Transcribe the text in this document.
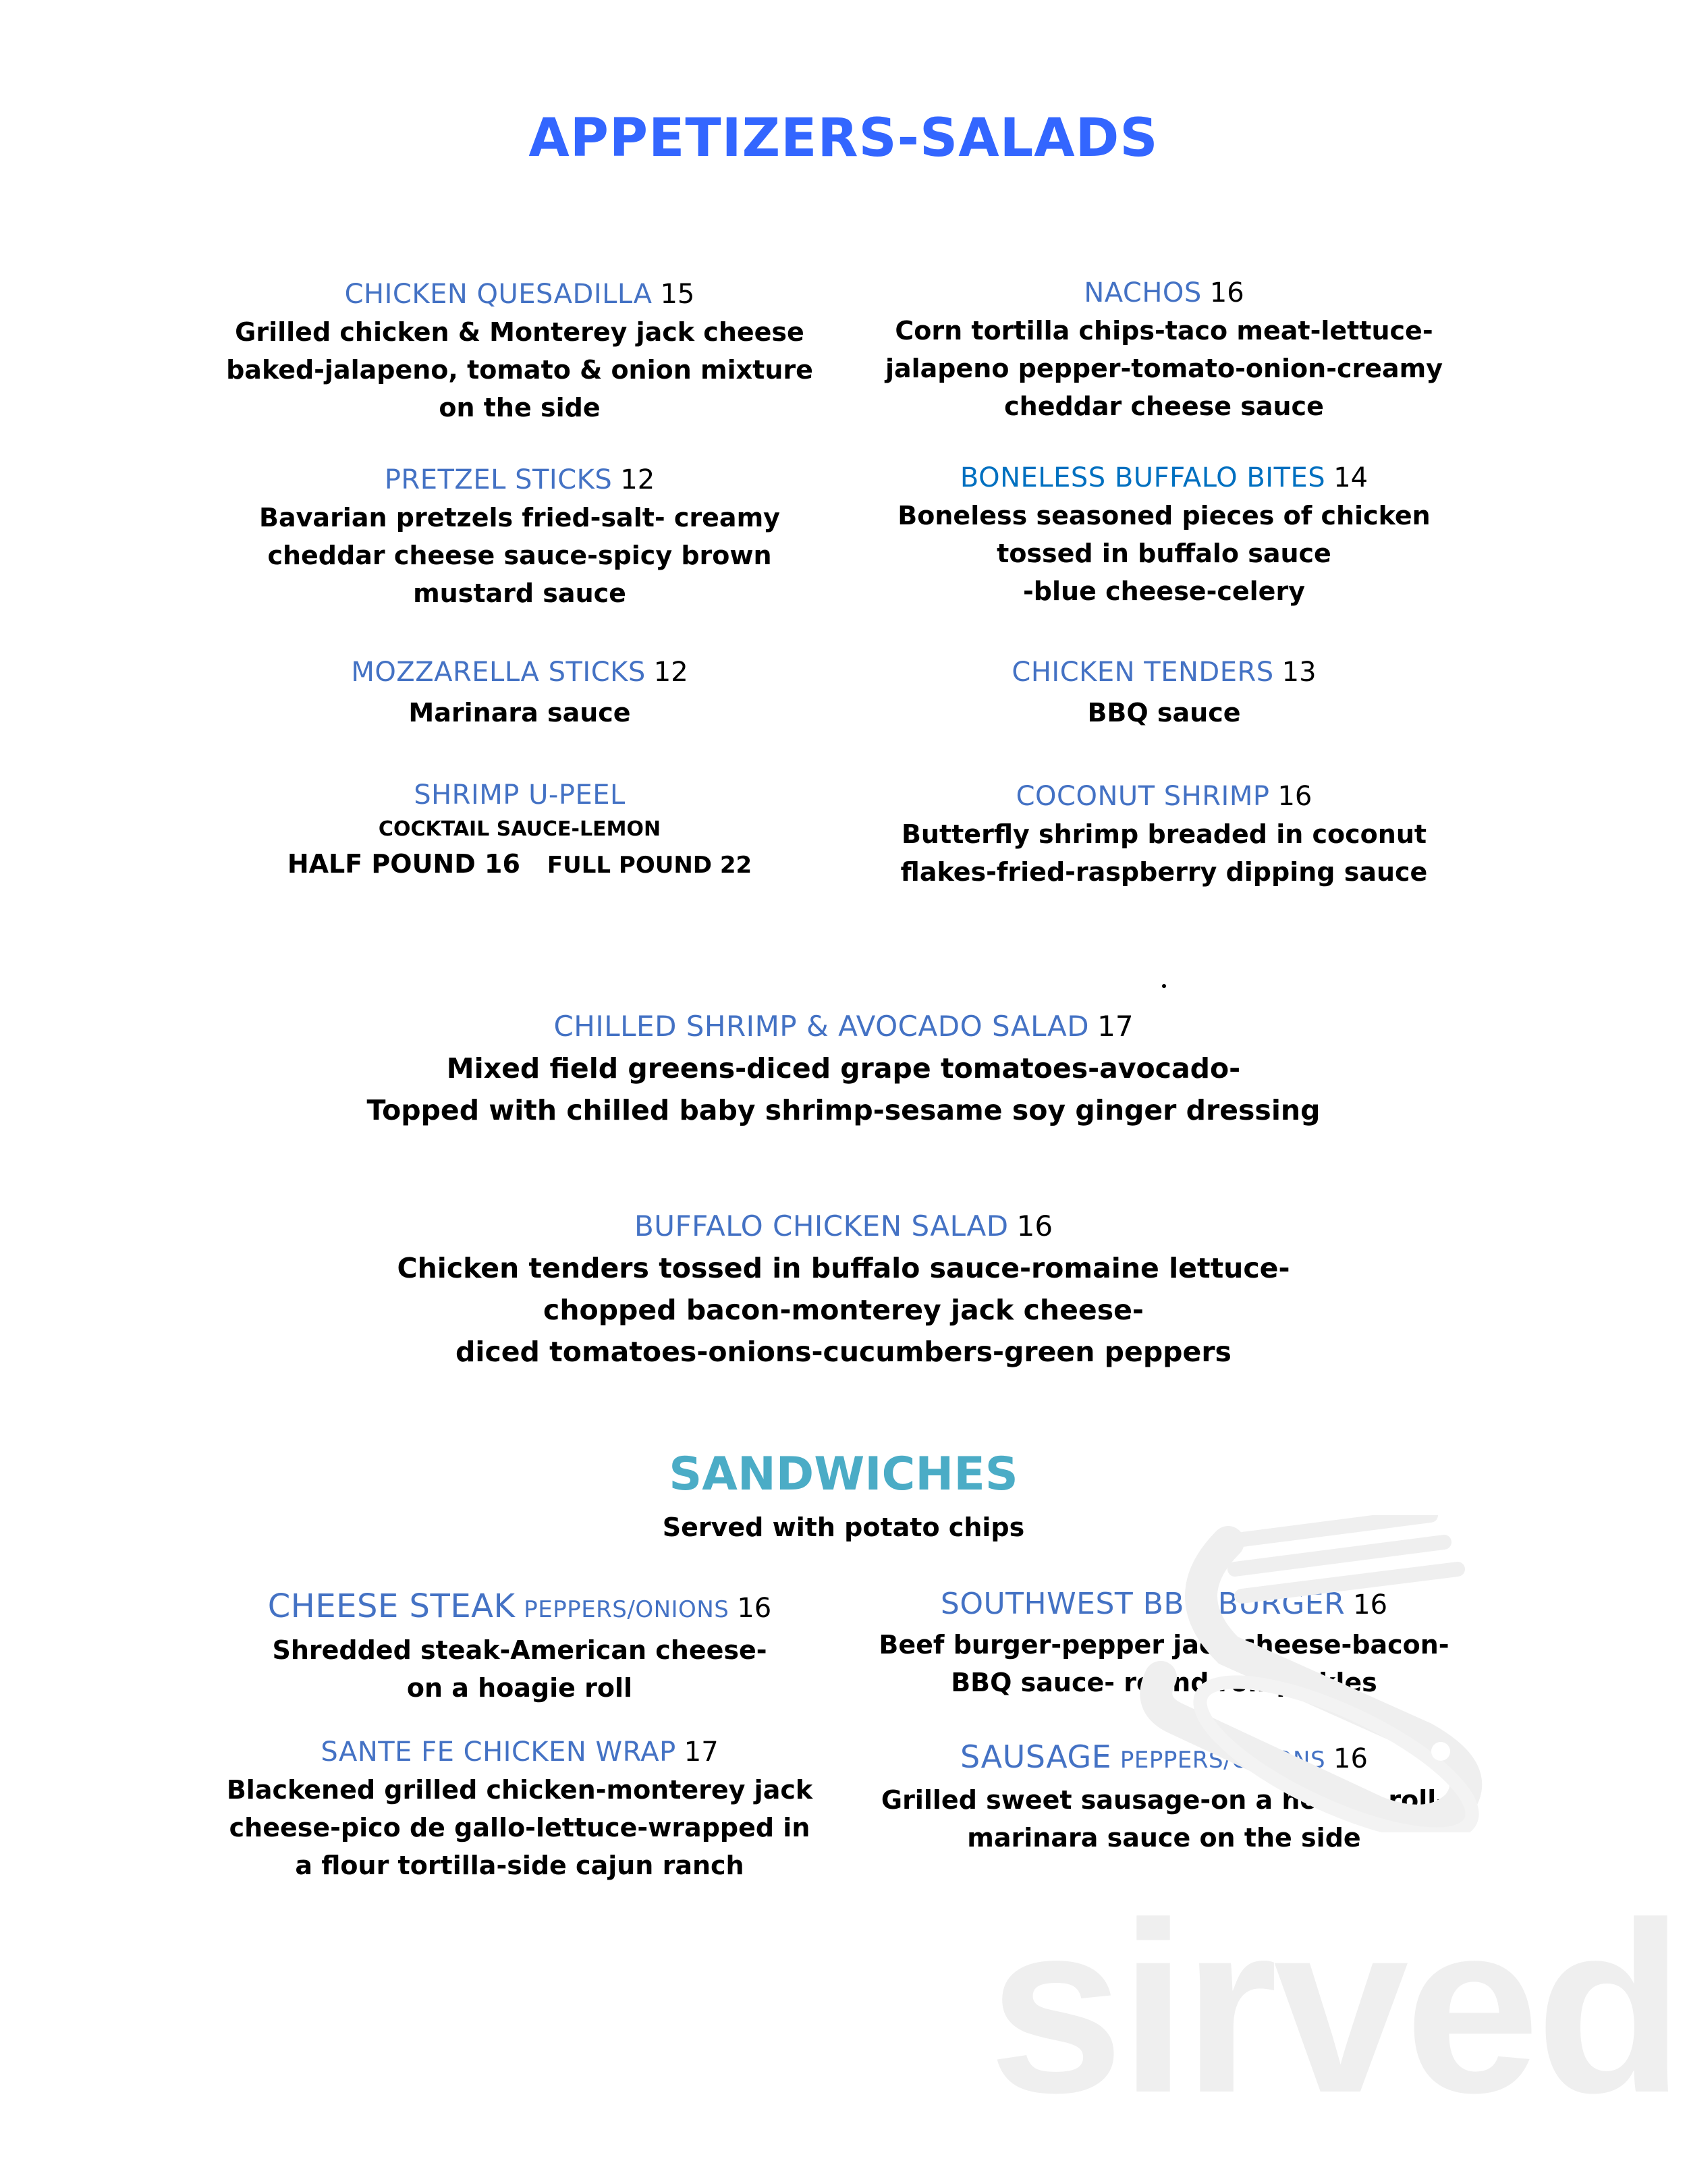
APPETIZERS-SALADS
CHICKEN QUESADILLA 15
Grilled chicken & Monterey jack cheese
baked-jalapeno, tomato & onion mixture
on the side
PRETZEL STICKS 12
Bavarian pretzels fried-salt- creamy
cheddar cheese sauce-spicy brown
mustard sauce
MOZZARELLA STICKS 12
Marinara sauce
SHRIMP U-PEEL
COCKTAIL SAUCE-LEMON
HALF POUND 16 FULL POUND 22
NACHOS 16
Corn tortilla chips-taco meat-lettuce-
jalapeno pepper-tomato-onion-creamy
cheddar cheese sauce
BONELESS BUFFALO BITES 14
Boneless seasoned pieces of chicken
tossed in buffalo sauce
-blue cheese-celery
CHICKEN TENDERS 13
BBQ sauce
COCONUT SHRIMP 16
Butterfly shrimp breaded in coconut
flakes-fried-raspberry dipping sauce
CHILLED SHRIMP & AVOCADO SALAD 17
Mixed field greens-diced grape tomatoes-avocado-
Topped with chilled baby shrimp-sesame soy ginger dressing
BUFFALO CHICKEN SALAD 16
Chicken tenders tossed in buffalo sauce-romaine lettuce-
chopped bacon-monterey jack cheese-
diced tomatoes-onions-cucumbers-green peppers
SANDWICHES
Served with potato chips
CHEESE STEAK PEPPERS/ONIONS 16
Shredded steak-American cheese-
on a hoagie roll
SANTE FE CHICKEN WRAP 17
Blackened grilled chicken-monterey jack
cheese-pico de gallo-lettuce-wrapped in
a flour tortilla-side cajun ranch
SOUTHWEST BBQ BURGER 16
Beef burger-pepper jack cheese-bacon-
BBQ sauce- round roll-pickles
SAUSAGE PEPPERS/ONIONS 16
Grilled sweet sausage-on a hoagie roll-
marinara sauce on the side
sirved
